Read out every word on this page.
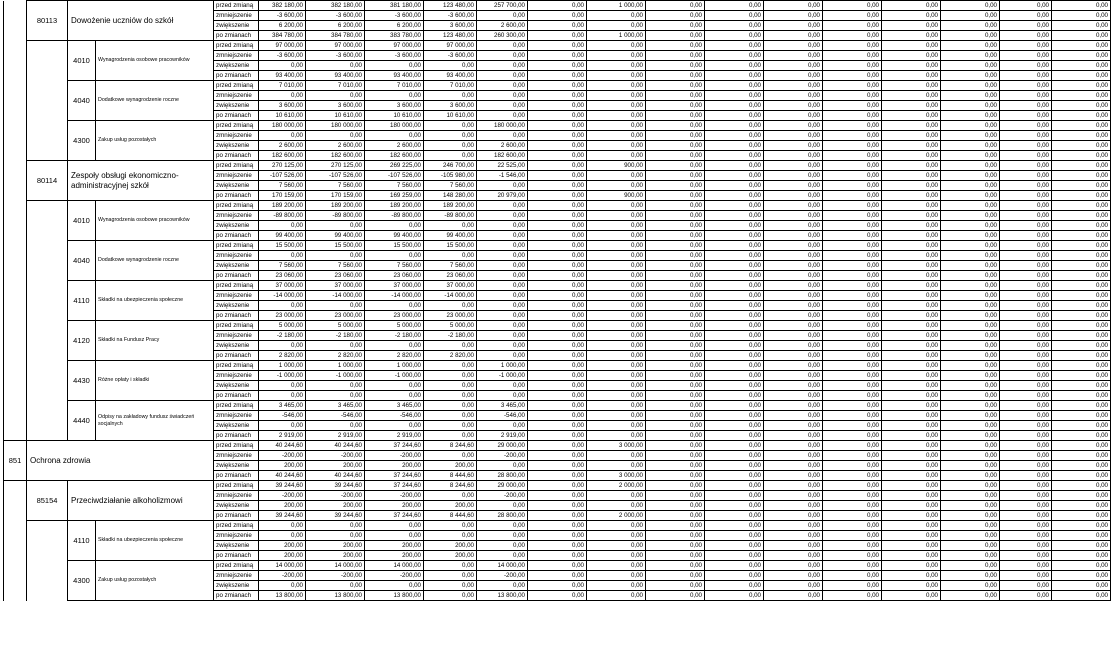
	80113	Dowożenie uczniów do szkół		przed zmianą	382 180,00	382 180,00	381 180,00	123 480,00	257 700,00	0,00	1 000,00	0,00	0,00	0,00	0,00	0,00	0,00	0,00	0,00
				zmniejszenie	-3 600,00	-3 600,00	-3 600,00	-3 600,00	0,00	0,00	0,00	0,00	0,00	0,00	0,00	0,00	0,00	0,00	0,00
				zwiększenie	6 200,00	6 200,00	6 200,00	3 600,00	2 600,00	0,00	0,00	0,00	0,00	0,00	0,00	0,00	0,00	0,00	0,00
				po zmianach	384 780,00	384 780,00	383 780,00	123 480,00	260 300,00	0,00	1 000,00	0,00	0,00	0,00	0,00	0,00	0,00	0,00	0,00
		4010	Wynagrodzenia osobowe pracowników	przed zmianą	97 000,00	97 000,00	97 000,00	97 000,00	0,00	0,00	0,00	0,00	0,00	0,00	0,00	0,00	0,00	0,00	0,00
				zmniejszenie	-3 600,00	-3 600,00	-3 600,00	-3 600,00	0,00	0,00	0,00	0,00	0,00	0,00	0,00	0,00	0,00	0,00	0,00
				zwiększenie	0,00	0,00	0,00	0,00	0,00	0,00	0,00	0,00	0,00	0,00	0,00	0,00	0,00	0,00	0,00
				po zmianach	93 400,00	93 400,00	93 400,00	93 400,00	0,00	0,00	0,00	0,00	0,00	0,00	0,00	0,00	0,00	0,00	0,00
		4040	Dodatkowe wynagrodzenie roczne	przed zmianą	7 010,00	7 010,00	7 010,00	7 010,00	0,00	0,00	0,00	0,00	0,00	0,00	0,00	0,00	0,00	0,00	0,00
				zmniejszenie	0,00	0,00	0,00	0,00	0,00	0,00	0,00	0,00	0,00	0,00	0,00	0,00	0,00	0,00	0,00
				zwiększenie	3 600,00	3 600,00	3 600,00	3 600,00	0,00	0,00	0,00	0,00	0,00	0,00	0,00	0,00	0,00	0,00	0,00
				po zmianach	10 610,00	10 610,00	10 610,00	10 610,00	0,00	0,00	0,00	0,00	0,00	0,00	0,00	0,00	0,00	0,00	0,00
		4300	Zakup usług pozostałych	przed zmianą	180 000,00	180 000,00	180 000,00	0,00	180 000,00	0,00	0,00	0,00	0,00	0,00	0,00	0,00	0,00	0,00	0,00
				zmniejszenie	0,00	0,00	0,00	0,00	0,00	0,00	0,00	0,00	0,00	0,00	0,00	0,00	0,00	0,00	0,00
				zwiększenie	2 600,00	2 600,00	2 600,00	0,00	2 600,00	0,00	0,00	0,00	0,00	0,00	0,00	0,00	0,00	0,00	0,00
				po zmianach	182 600,00	182 600,00	182 600,00	0,00	182 600,00	0,00	0,00	0,00	0,00	0,00	0,00	0,00	0,00	0,00	0,00
	80114	Zespoły obsługi ekonomiczno-administracyjnej szkół		przed zmianą	270 125,00	270 125,00	269 225,00	246 700,00	22 525,00	0,00	900,00	0,00	0,00	0,00	0,00	0,00	0,00	0,00	0,00
				zmniejszenie	-107 526,00	-107 526,00	-107 526,00	-105 980,00	-1 546,00	0,00	0,00	0,00	0,00	0,00	0,00	0,00	0,00	0,00	0,00
				zwiększenie	7 560,00	7 560,00	7 560,00	7 560,00	0,00	0,00	0,00	0,00	0,00	0,00	0,00	0,00	0,00	0,00	0,00
				po zmianach	170 159,00	170 159,00	169 259,00	148 280,00	20 979,00	0,00	900,00	0,00	0,00	0,00	0,00	0,00	0,00	0,00	0,00
		4010	Wynagrodzenia osobowe pracowników	przed zmianą	189 200,00	189 200,00	189 200,00	189 200,00	0,00	0,00	0,00	0,00	0,00	0,00	0,00	0,00	0,00	0,00	0,00
				zmniejszenie	-89 800,00	-89 800,00	-89 800,00	-89 800,00	0,00	0,00	0,00	0,00	0,00	0,00	0,00	0,00	0,00	0,00	0,00
				zwiększenie	0,00	0,00	0,00	0,00	0,00	0,00	0,00	0,00	0,00	0,00	0,00	0,00	0,00	0,00	0,00
				po zmianach	99 400,00	99 400,00	99 400,00	99 400,00	0,00	0,00	0,00	0,00	0,00	0,00	0,00	0,00	0,00	0,00	0,00
		4040	Dodatkowe wynagrodzenie roczne	przed zmianą	15 500,00	15 500,00	15 500,00	15 500,00	0,00	0,00	0,00	0,00	0,00	0,00	0,00	0,00	0,00	0,00	0,00
				zmniejszenie	0,00	0,00	0,00	0,00	0,00	0,00	0,00	0,00	0,00	0,00	0,00	0,00	0,00	0,00	0,00
				zwiększenie	7 560,00	7 560,00	7 560,00	7 560,00	0,00	0,00	0,00	0,00	0,00	0,00	0,00	0,00	0,00	0,00	0,00
				po zmianach	23 060,00	23 060,00	23 060,00	23 060,00	0,00	0,00	0,00	0,00	0,00	0,00	0,00	0,00	0,00	0,00	0,00
		4110	Składki na ubezpieczenia społeczne	przed zmianą	37 000,00	37 000,00	37 000,00	37 000,00	0,00	0,00	0,00	0,00	0,00	0,00	0,00	0,00	0,00	0,00	0,00
				zmniejszenie	-14 000,00	-14 000,00	-14 000,00	-14 000,00	0,00	0,00	0,00	0,00	0,00	0,00	0,00	0,00	0,00	0,00	0,00
				zwiększenie	0,00	0,00	0,00	0,00	0,00	0,00	0,00	0,00	0,00	0,00	0,00	0,00	0,00	0,00	0,00
				po zmianach	23 000,00	23 000,00	23 000,00	23 000,00	0,00	0,00	0,00	0,00	0,00	0,00	0,00	0,00	0,00	0,00	0,00
		4120	Składki na Fundusz Pracy	przed zmianą	5 000,00	5 000,00	5 000,00	5 000,00	0,00	0,00	0,00	0,00	0,00	0,00	0,00	0,00	0,00	0,00	0,00
				zmniejszenie	-2 180,00	-2 180,00	-2 180,00	-2 180,00	0,00	0,00	0,00	0,00	0,00	0,00	0,00	0,00	0,00	0,00	0,00
				zwiększenie	0,00	0,00	0,00	0,00	0,00	0,00	0,00	0,00	0,00	0,00	0,00	0,00	0,00	0,00	0,00
				po zmianach	2 820,00	2 820,00	2 820,00	2 820,00	0,00	0,00	0,00	0,00	0,00	0,00	0,00	0,00	0,00	0,00	0,00
		4430	Różne opłaty i składki	przed zmianą	1 000,00	1 000,00	1 000,00	0,00	1 000,00	0,00	0,00	0,00	0,00	0,00	0,00	0,00	0,00	0,00	0,00
				zmniejszenie	-1 000,00	-1 000,00	-1 000,00	0,00	-1 000,00	0,00	0,00	0,00	0,00	0,00	0,00	0,00	0,00	0,00	0,00
				zwiększenie	0,00	0,00	0,00	0,00	0,00	0,00	0,00	0,00	0,00	0,00	0,00	0,00	0,00	0,00	0,00
				po zmianach	0,00	0,00	0,00	0,00	0,00	0,00	0,00	0,00	0,00	0,00	0,00	0,00	0,00	0,00	0,00
		4440	Odpisy na zakładowy fundusz świadczeń socjalnych	przed zmianą	3 465,00	3 465,00	3 465,00	0,00	3 465,00	0,00	0,00	0,00	0,00	0,00	0,00	0,00	0,00	0,00	0,00
				zmniejszenie	-546,00	-546,00	-546,00	0,00	-546,00	0,00	0,00	0,00	0,00	0,00	0,00	0,00	0,00	0,00	0,00
				zwiększenie	0,00	0,00	0,00	0,00	0,00	0,00	0,00	0,00	0,00	0,00	0,00	0,00	0,00	0,00	0,00
				po zmianach	2 919,00	2 919,00	2 919,00	0,00	2 919,00	0,00	0,00	0,00	0,00	0,00	0,00	0,00	0,00	0,00	0,00
851	Ochrona zdrowia			przed zmianą	40 244,60	40 244,60	37 244,60	8 244,60	29 000,00	0,00	3 000,00	0,00	0,00	0,00	0,00	0,00	0,00	0,00	0,00
				zmniejszenie	-200,00	-200,00	-200,00	0,00	-200,00	0,00	0,00	0,00	0,00	0,00	0,00	0,00	0,00	0,00	0,00
				zwiększenie	200,00	200,00	200,00	200,00	0,00	0,00	0,00	0,00	0,00	0,00	0,00	0,00	0,00	0,00	0,00
				po zmianach	40 244,60	40 244,60	37 244,60	8 444,60	28 800,00	0,00	3 000,00	0,00	0,00	0,00	0,00	0,00	0,00	0,00	0,00
	85154	Przeciwdziałanie alkoholizmowi		przed zmianą	39 244,60	39 244,60	37 244,60	8 244,60	29 000,00	0,00	2 000,00	0,00	0,00	0,00	0,00	0,00	0,00	0,00	0,00
				zmniejszenie	-200,00	-200,00	-200,00	0,00	-200,00	0,00	0,00	0,00	0,00	0,00	0,00	0,00	0,00	0,00	0,00
				zwiększenie	200,00	200,00	200,00	200,00	0,00	0,00	0,00	0,00	0,00	0,00	0,00	0,00	0,00	0,00	0,00
				po zmianach	39 244,60	39 244,60	37 244,60	8 444,60	28 800,00	0,00	2 000,00	0,00	0,00	0,00	0,00	0,00	0,00	0,00	0,00
		4110	Składki na ubezpieczenia społeczne	przed zmianą	0,00	0,00	0,00	0,00	0,00	0,00	0,00	0,00	0,00	0,00	0,00	0,00	0,00	0,00	0,00
				zmniejszenie	0,00	0,00	0,00	0,00	0,00	0,00	0,00	0,00	0,00	0,00	0,00	0,00	0,00	0,00	0,00
				zwiększenie	200,00	200,00	200,00	200,00	0,00	0,00	0,00	0,00	0,00	0,00	0,00	0,00	0,00	0,00	0,00
				po zmianach	200,00	200,00	200,00	200,00	0,00	0,00	0,00	0,00	0,00	0,00	0,00	0,00	0,00	0,00	0,00
		4300	Zakup usług pozostałych	przed zmianą	14 000,00	14 000,00	14 000,00	0,00	14 000,00	0,00	0,00	0,00	0,00	0,00	0,00	0,00	0,00	0,00	0,00
				zmniejszenie	-200,00	-200,00	-200,00	0,00	-200,00	0,00	0,00	0,00	0,00	0,00	0,00	0,00	0,00	0,00	0,00
				zwiększenie	0,00	0,00	0,00	0,00	0,00	0,00	0,00	0,00	0,00	0,00	0,00	0,00	0,00	0,00	0,00
				po zmianach	13 800,00	13 800,00	13 800,00	0,00	13 800,00	0,00	0,00	0,00	0,00	0,00	0,00	0,00	0,00	0,00	0,00
